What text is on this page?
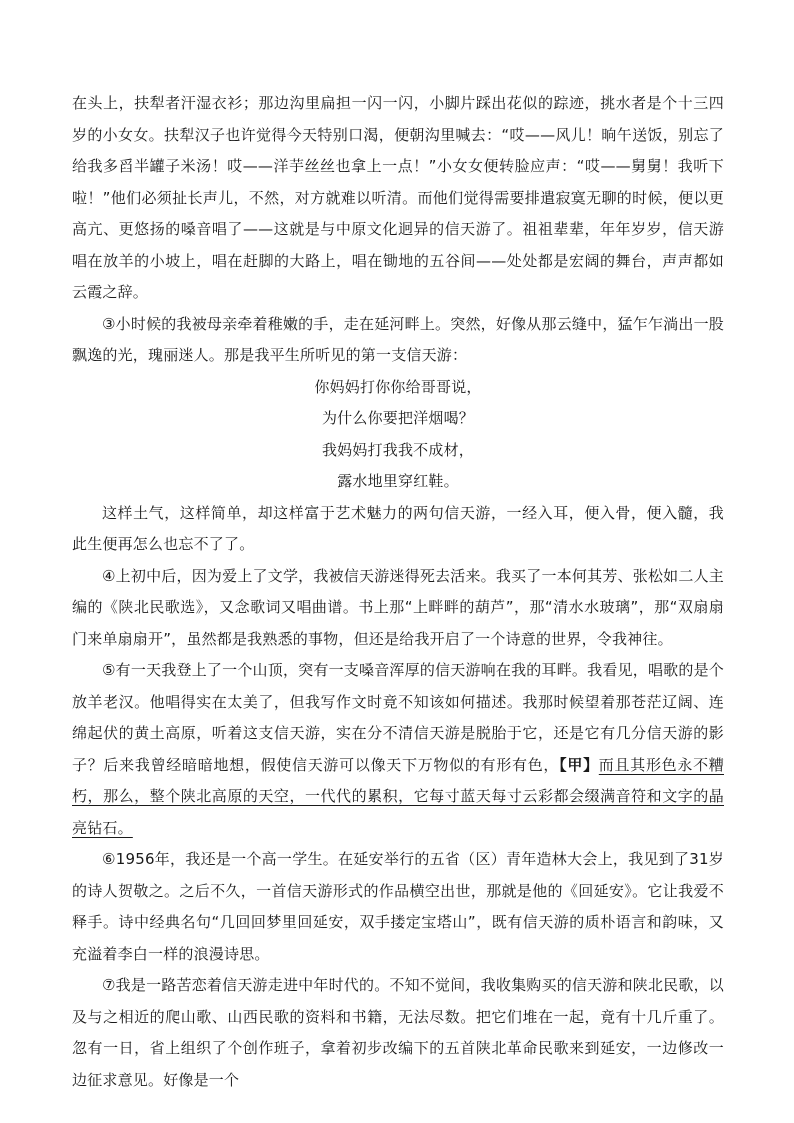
在头上，扶犁者汗湿衣衫；那边沟里扁担一闪一闪，小脚片踩出花似的踪迹，挑水者是个十三四岁的小女女。扶犁汉子也许觉得今天特别口渴，便朝沟里喊去：“哎——风儿！晌午送饭，别忘了给我多舀半罐子米汤！哎——洋芋丝丝也拿上一点！”小女女便转脸应声：“哎——舅舅！我听下啦！”他们必须扯长声儿，不然，对方就难以听清。而他们觉得需要排遣寂寞无聊的时候，便以更高亢、更悠扬的嗓音唱了——这就是与中原文化迥异的信天游了。祖祖辈辈，年年岁岁，信天游唱在放羊的小坡上，唱在赶脚的大路上，唱在锄地的五谷间——处处都是宏阔的舞台，声声都如云霞之辞。

③小时候的我被母亲牵着稚嫩的手，走在延河畔上。突然，好像从那云缝中，猛乍乍淌出一股飘逸的光，瑰丽迷人。那是我平生所听见的第一支信天游：

你妈妈打你你给哥哥说，

为什么你要把洋烟喝？

我妈妈打我我不成材，

露水地里穿红鞋。

这样土气，这样简单，却这样富于艺术魅力的两句信天游，一经入耳，便入骨，便入髓，我此生便再怎么也忘不了了。

④上初中后，因为爱上了文学，我被信天游迷得死去活来。我买了一本何其芳、张松如二人主编的《陕北民歌选》，又念歌词又唱曲谱。书上那“上畔畔的葫芦”，那“清水水玻璃”，那“双扇扇门来单扇扇开”，虽然都是我熟悉的事物，但还是给我开启了一个诗意的世界，令我神往。

⑤有一天我登上了一个山顶，突有一支嗓音浑厚的信天游响在我的耳畔。我看见，唱歌的是个放羊老汉。他唱得实在太美了，但我写作文时竟不知该如何描述。我那时候望着那苍茫辽阔、连绵起伏的黄土高原，听着这支信天游，实在分不清信天游是脱胎于它，还是它有几分信天游的影子？后来我曾经暗暗地想，假使信天游可以像天下万物似的有形有色，【甲】而且其形色永不糟朽，那么，整个陕北高原的天空，一代代的累积，它每寸蓝天每寸云彩都会缀满音符和文字的晶亮钻石。

⑥1956年，我还是一个高一学生。在延安举行的五省（区）青年造林大会上，我见到了31岁的诗人贺敬之。之后不久，一首信天游形式的作品横空出世，那就是他的《回延安》。它让我爱不释手。诗中经典名句“几回回梦里回延安，双手搂定宝塔山”，既有信天游的质朴语言和韵味，又充溢着李白一样的浪漫诗思。

⑦我是一路苦恋着信天游走进中年时代的。不知不觉间，我收集购买的信天游和陕北民歌，以及与之相近的爬山歌、山西民歌的资料和书籍，无法尽数。把它们堆在一起，竟有十几斤重了。忽有一日，省上组织了个创作班子，拿着初步改编下的五首陕北革命民歌来到延安，一边修改一边征求意见。好像是一个
